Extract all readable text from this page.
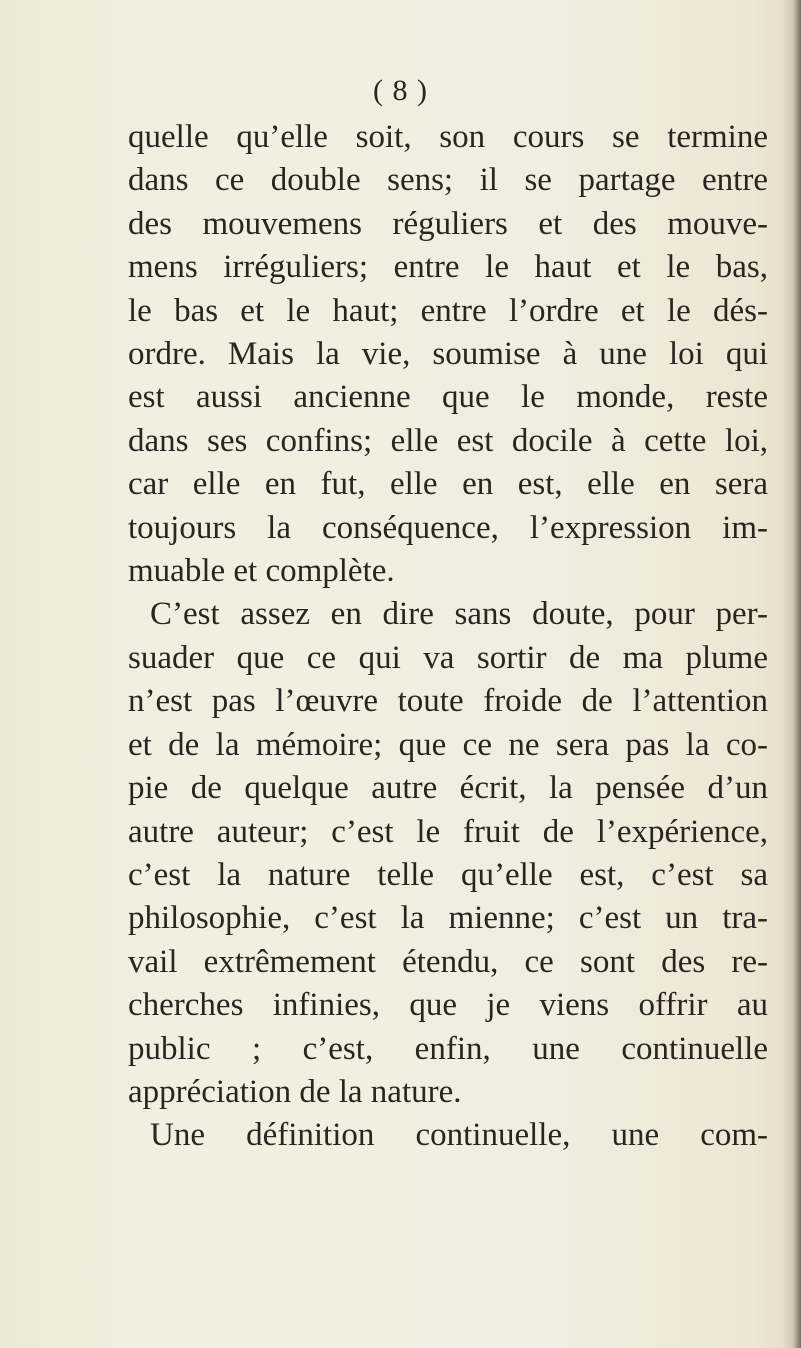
( 8 )
quelle qu’elle soit, son cours se termine
dans ce double sens; il se partage entre
des mouvemens réguliers et des mouve-
mens irréguliers; entre le haut et le bas,
le bas et le haut; entre l’ordre et le dés-
ordre. Mais la vie, soumise à une loi qui
est aussi ancienne que le monde, reste
dans ses confins; elle est docile à cette loi,
car elle en fut, elle en est, elle en sera
toujours la conséquence, l’expression im-
muable et complète.
C’est assez en dire sans doute, pour per-
suader que ce qui va sortir de ma plume
n’est pas l’œuvre toute froide de l’attention
et de la mémoire; que ce ne sera pas la co-
pie de quelque autre écrit, la pensée d’un
autre auteur; c’est le fruit de l’expérience,
c’est la nature telle qu’elle est, c’est sa
philosophie, c’est la mienne; c’est un tra-
vail extrêmement étendu, ce sont des re-
cherches infinies, que je viens offrir au
public ; c’est, enfin, une continuelle
appréciation de la nature.
Une définition continuelle, une com-
